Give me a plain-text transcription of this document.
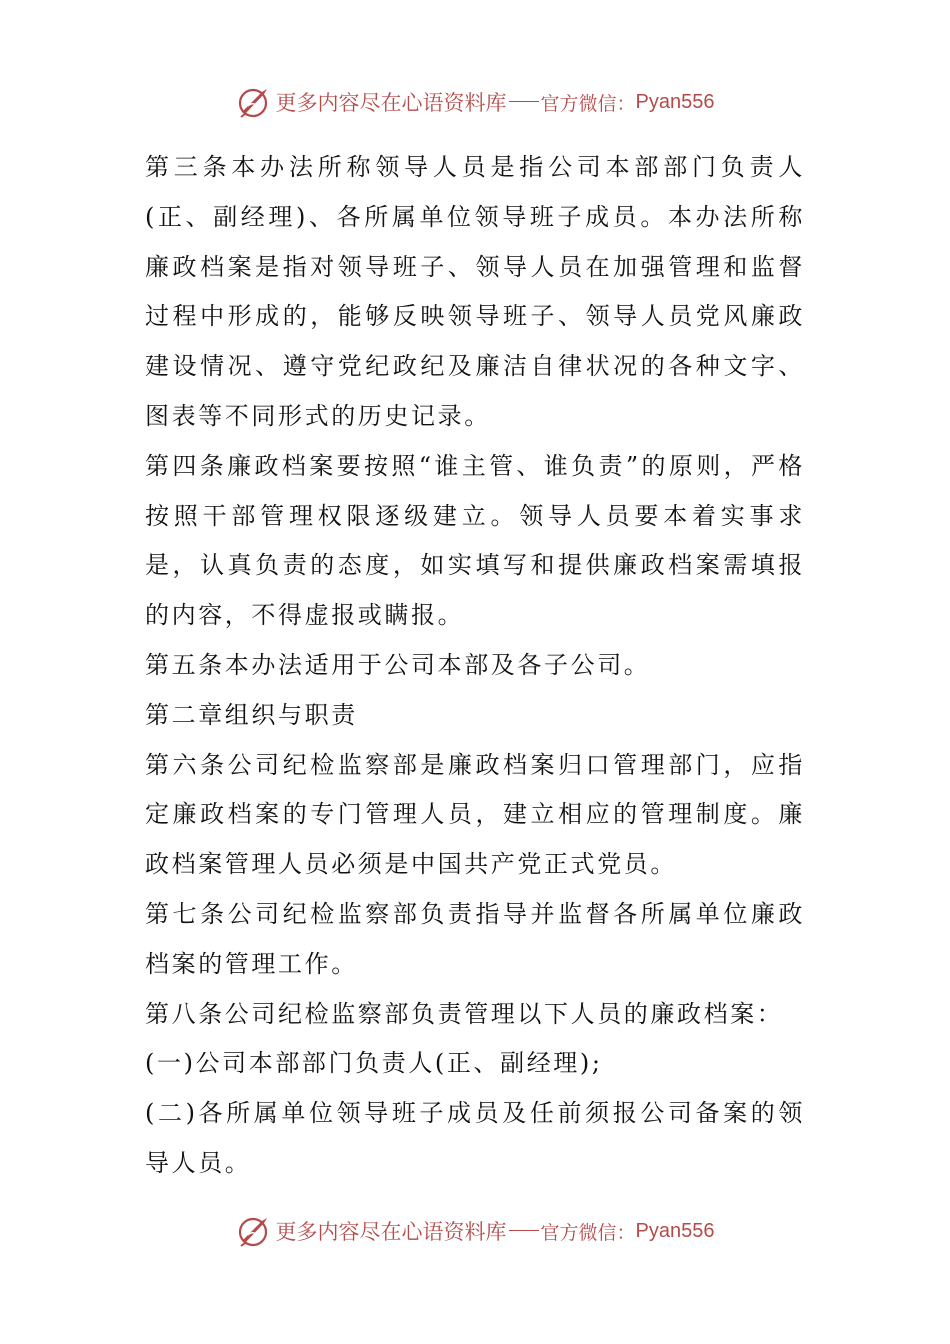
更多内容尽在心语资料库 官方微信： Pyan556

第三条本办法所称领导人员是指公司本部部门负责人(正、副经理)、各所属单位领导班子成员。本办法所称廉政档案是指对领导班子、领导人员在加强管理和监督过程中形成的，能够反映领导班子、领导人员党风廉政建设情况、遵守党纪政纪及廉洁自律状况的各种文字、图表等不同形式的历史记录。

第四条廉政档案要按照“谁主管、谁负责”的原则，严格按照干部管理权限逐级建立。领导人员要本着实事求是，认真负责的态度，如实填写和提供廉政档案需填报的内容，不得虚报或瞒报。

第五条本办法适用于公司本部及各子公司。

第二章组织与职责

第六条公司纪检监察部是廉政档案归口管理部门，应指定廉政档案的专门管理人员，建立相应的管理制度。廉政档案管理人员必须是中国共产党正式党员。

第七条公司纪检监察部负责指导并监督各所属单位廉政档案的管理工作。

第八条公司纪检监察部负责管理以下人员的廉政档案：

(一)公司本部部门负责人(正、副经理);

(二)各所属单位领导班子成员及任前须报公司备案的领导人员。

更多内容尽在心语资料库 官方微信： Pyan556
